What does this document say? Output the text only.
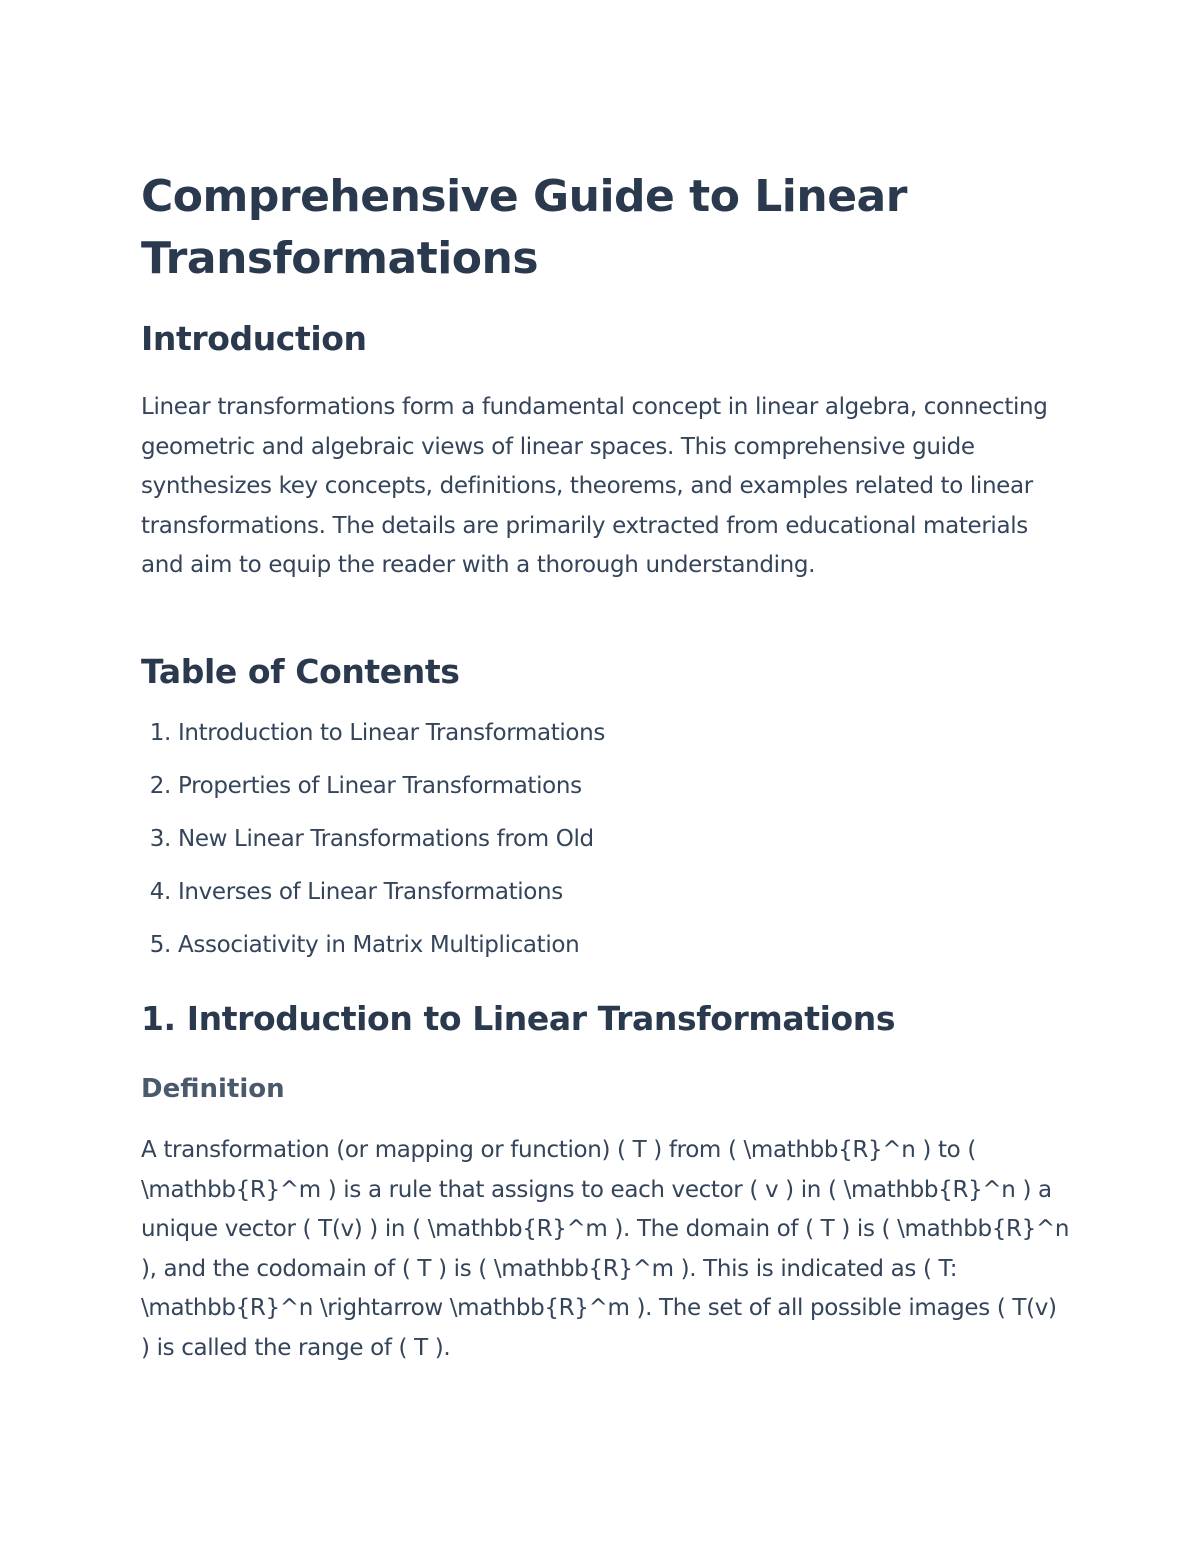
Comprehensive Guide to Linear Transformations
Introduction

Linear transformations form a fundamental concept in linear algebra, connecting geometric and algebraic views of linear spaces. This comprehensive guide synthesizes key concepts, definitions, theorems, and examples related to linear transformations. The details are primarily extracted from educational materials and aim to equip the reader with a thorough understanding.

Table of Contents
1. Introduction to Linear Transformations
2. Properties of Linear Transformations
3. New Linear Transformations from Old
4. Inverses of Linear Transformations
5. Associativity in Matrix Multiplication
1. Introduction to Linear Transformations
Definition

A transformation (or mapping or function) ( T ) from ( \mathbb{R}^n ) to ( \mathbb{R}^m ) is a rule that assigns to each vector ( v ) in ( \mathbb{R}^n ) a unique vector ( T(v) ) in ( \mathbb{R}^m ). The domain of ( T ) is ( \mathbb{R}^n ), and the codomain of ( T ) is ( \mathbb{R}^m ). This is indicated as ( T: \mathbb{R}^n \rightarrow \mathbb{R}^m ). The set of all possible images ( T(v) ) is called the range of ( T ).
